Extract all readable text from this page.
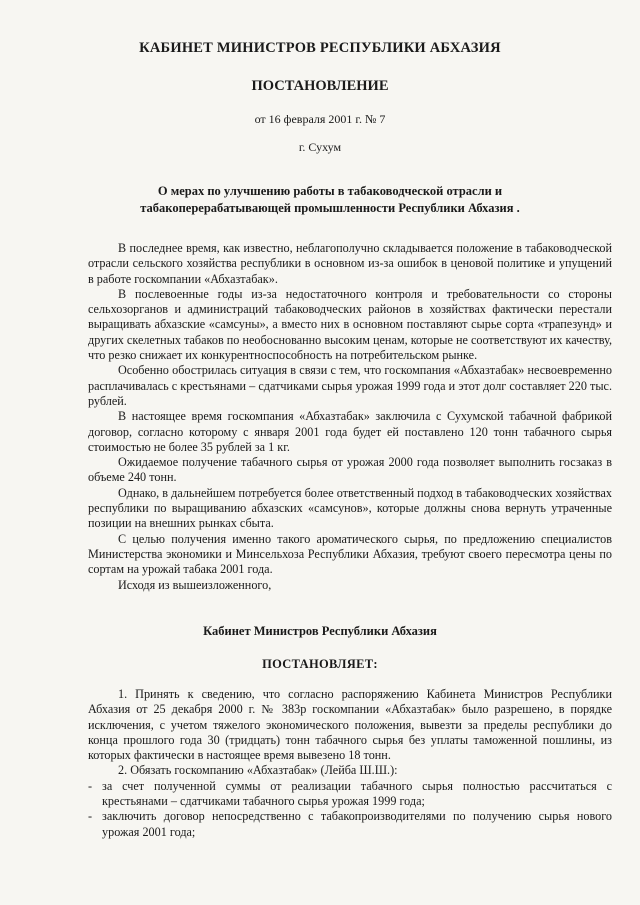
КАБИНЕТ МИНИСТРОВ РЕСПУБЛИКИ АБХАЗИЯ
ПОСТАНОВЛЕНИЕ
от 16 февраля 2001 г. № 7
г. Сухум
О мерах по улучшению работы в табаководческой отрасли и
табакоперерабатывающей промышленности Республики Абхазия .

В последнее время, как известно, неблагополучно складывается положение в табаководческой отрасли сельского хозяйства республики в основном из-за ошибок в ценовой политике и упущений в работе госкомпании «Абхазтабак».

В послевоенные годы из-за недостаточного контроля и требовательности со стороны сельхозорганов и администраций табаководческих районов в хозяйствах фактически перестали выращивать абхазские «самсуны», а вместо них в основном поставляют сырье сорта «трапезунд» и других скелетных табаков по необоснованно высоким ценам, которые не соответствуют их качеству, что резко снижает их конкурентноспособность на потребительском рынке.

Особенно обострилась ситуация в связи с тем, что госкомпания «Абхазтабак» несвоевременно расплачивалась с крестьянами – сдатчиками сырья урожая 1999 года и этот долг составляет 220 тыс. рублей.

В настоящее время госкомпания «Абхазтабак» заключила с Сухумской табачной фабрикой договор, согласно которому с января 2001 года будет ей поставлено 120 тонн табачного сырья стоимостью не более 35 рублей за 1 кг.

Ожидаемое получение табачного сырья от урожая 2000 года позволяет выполнить госзаказ в объеме 240 тонн.

Однако, в дальнейшем потребуется более ответственный подход в табаководческих хозяйствах республики по выращиванию абхазских «самсунов», которые должны снова вернуть утраченные позиции на внешних рынках сбыта.

С целью получения именно такого ароматического сырья, по предложению специалистов Министерства экономики и Минсельхоза Республики Абхазия, требуют своего пересмотра цены по сортам на урожай табака 2001 года.

Исходя из вышеизложенного,

Кабинет Министров Республики Абхазия
ПОСТАНОВЛЯЕТ:

1. Принять к сведению, что согласно распоряжению Кабинета Министров Республики Абхазия от 25 декабря 2000 г. № 383р госкомпании «Абхазтабак» было разрешено, в порядке исключения, с учетом тяжелого экономического положения, вывезти за пределы республики до конца прошлого года 30 (тридцать) тонн табачного сырья без уплаты таможенной пошлины, из которых фактически в настоящее время вывезено 18 тонн.

2. Обязать госкомпанию «Абхазтабак» (Лейба Ш.Ш.):

- за счет полученной суммы от реализации табачного сырья полностью рассчитаться с крестьянами – сдатчиками табачного сырья урожая 1999 года;
- заключить договор непосредственно с табакопроизводителями по получению сырья нового урожая 2001 года;
